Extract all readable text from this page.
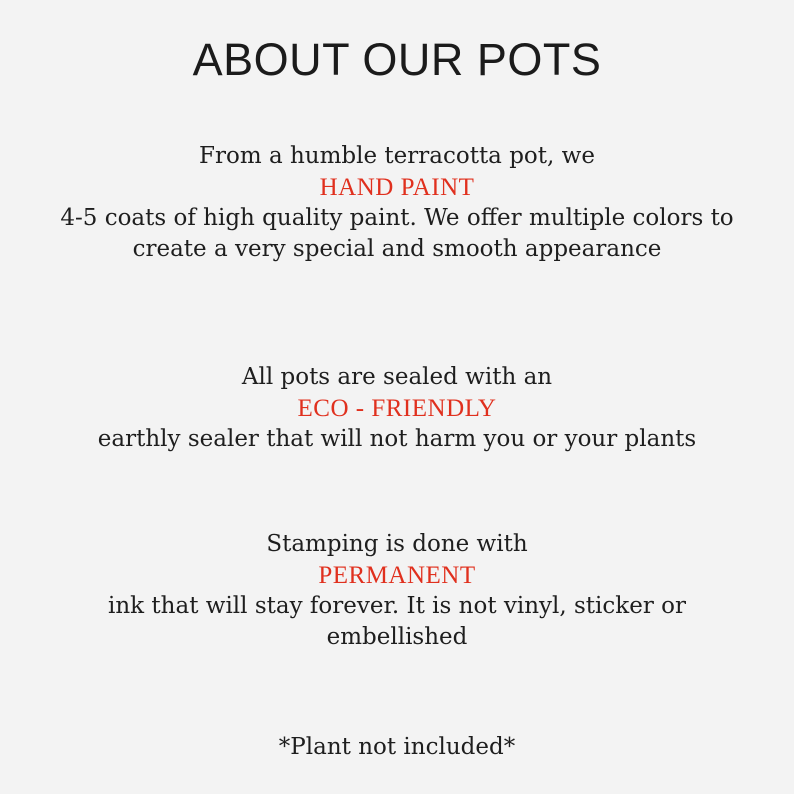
ABOUT OUR POTS
From a humble terracotta pot, we
HAND PAINT
4-5 coats of high quality paint. We offer multiple colors to
create a very special and smooth appearance
All pots are sealed with an
ECO - FRIENDLY
earthly sealer that will not harm you or your plants
Stamping is done with
PERMANENT
ink that will stay forever. It is not vinyl, sticker or
embellished
*Plant not included*
